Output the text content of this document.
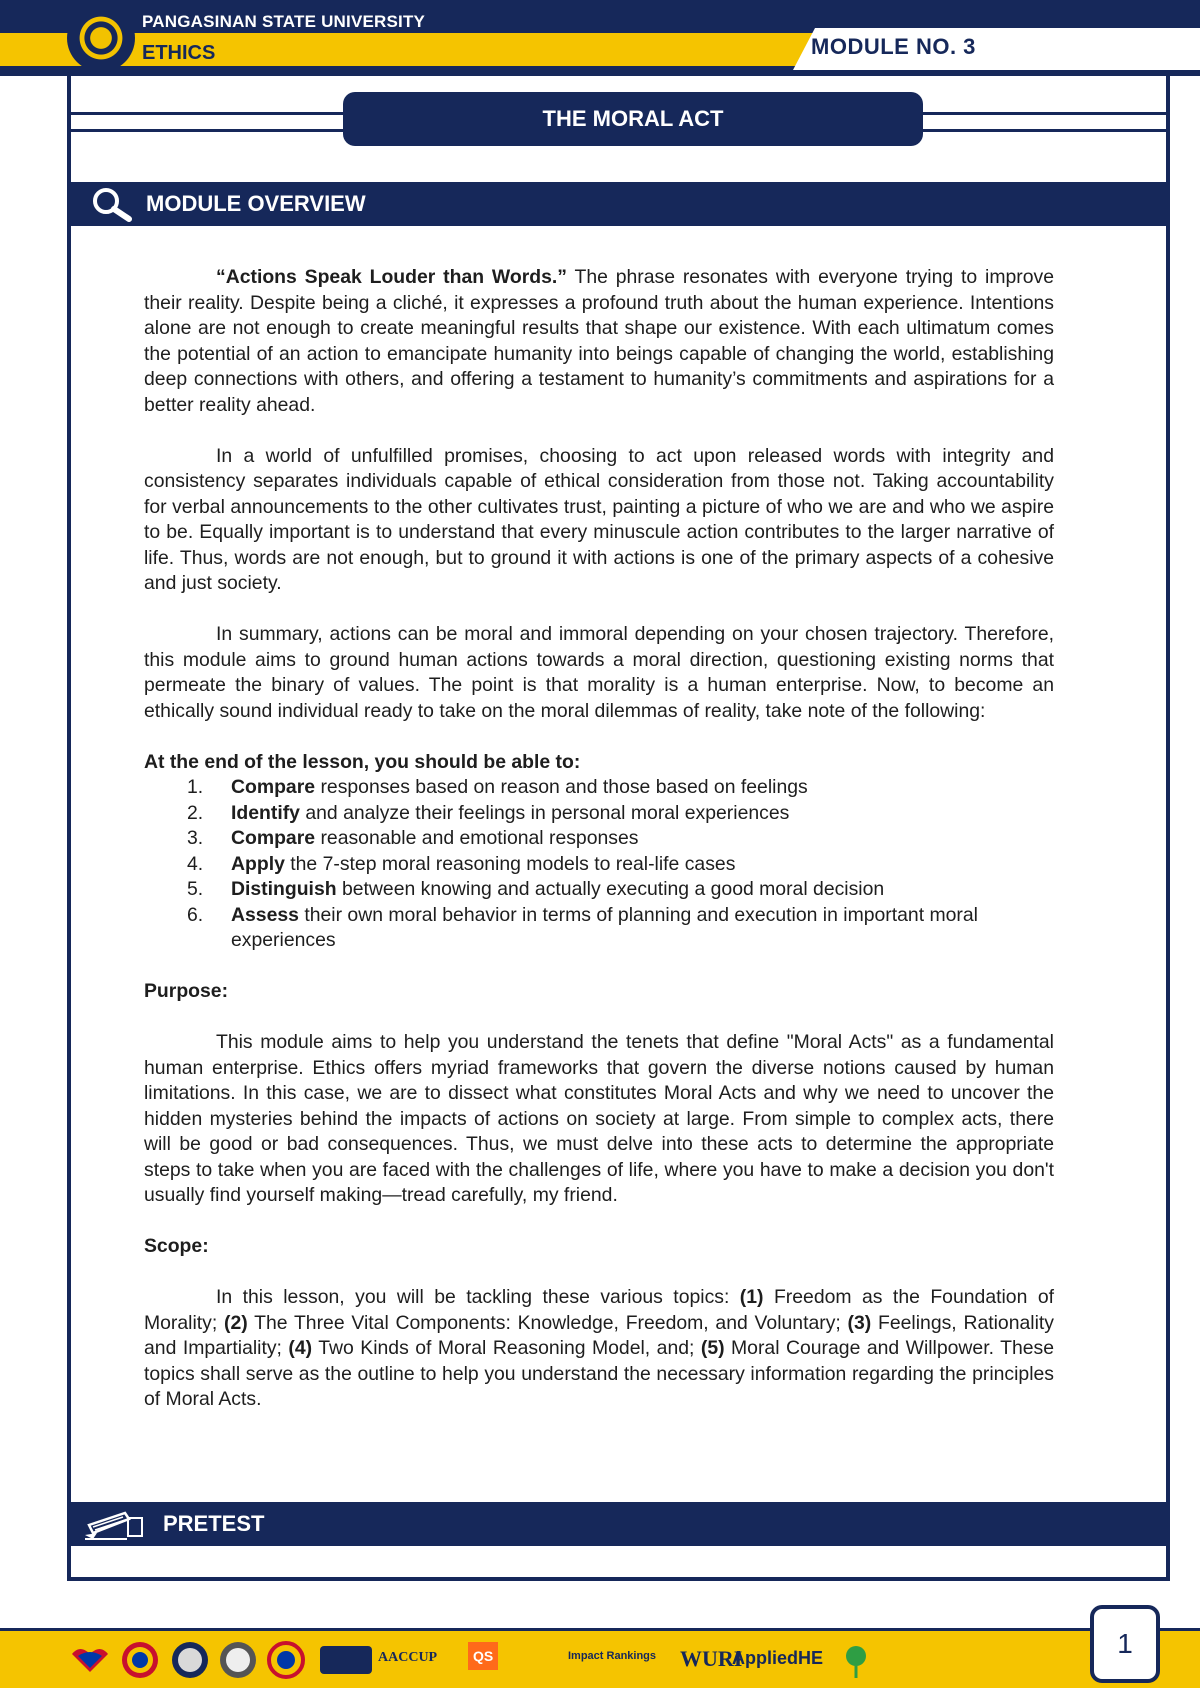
MODULE NO. 3
PANGASINAN STATE UNIVERSITY
ETHICS
THE MORAL ACT
MODULE OVERVIEW

“Actions Speak Louder than Words.” The phrase resonates with everyone trying to improve their reality. Despite being a cliché, it expresses a profound truth about the human experience. Intentions alone are not enough to create meaningful results that shape our existence. With each ultimatum comes the potential of an action to emancipate humanity into beings capable of changing the world, establishing deep connections with others, and offering a testament to humanity’s commitments and aspirations for a better reality ahead.

In a world of unfulfilled promises, choosing to act upon released words with integrity and consistency separates individuals capable of ethical consideration from those not. Taking accountability for verbal announcements to the other cultivates trust, painting a picture of who we are and who we aspire to be. Equally important is to understand that every minuscule action contributes to the larger narrative of life. Thus, words are not enough, but to ground it with actions is one of the primary aspects of a cohesive and just society.

In summary, actions can be moral and immoral depending on your chosen trajectory. Therefore, this module aims to ground human actions towards a moral direction, questioning existing norms that permeate the binary of values. The point is that morality is a human enterprise. Now, to become an ethically sound individual ready to take on the moral dilemmas of reality, take note of the following:

At the end of the lesson, you should be able to:

1. Compare responses based on reason and those based on feelings
2. Identify and analyze their feelings in personal moral experiences
3. Compare reasonable and emotional responses
4. Apply the 7-step moral reasoning models to real-life cases
5. Distinguish between knowing and actually executing a good moral decision
6. Assess their own moral behavior in terms of planning and execution in important moral experiences

Purpose:

This module aims to help you understand the tenets that define "Moral Acts" as a fundamental human enterprise. Ethics offers myriad frameworks that govern the diverse notions caused by human limitations. In this case, we are to dissect what constitutes Moral Acts and why we need to uncover the hidden mysteries behind the impacts of actions on society at large. From simple to complex acts, there will be good or bad consequences. Thus, we must delve into these acts to determine the appropriate steps to take when you are faced with the challenges of life, where you have to make a decision you don't usually find yourself making—tread carefully, my friend.

Scope:

In this lesson, you will be tackling these various topics: (1) Freedom as the Foundation of Morality; (2) The Three Vital Components: Knowledge, Freedom, and Voluntary; (3) Feelings, Rationality and Impartiality; (4) Two Kinds of Moral Reasoning Model, and; (5) Moral Courage and Willpower. These topics shall serve as the outline to help you understand the necessary information regarding the principles of Moral Acts.

PRETEST
AACCUP	QS	Impact Rankings WURI
AppliedHE	1
